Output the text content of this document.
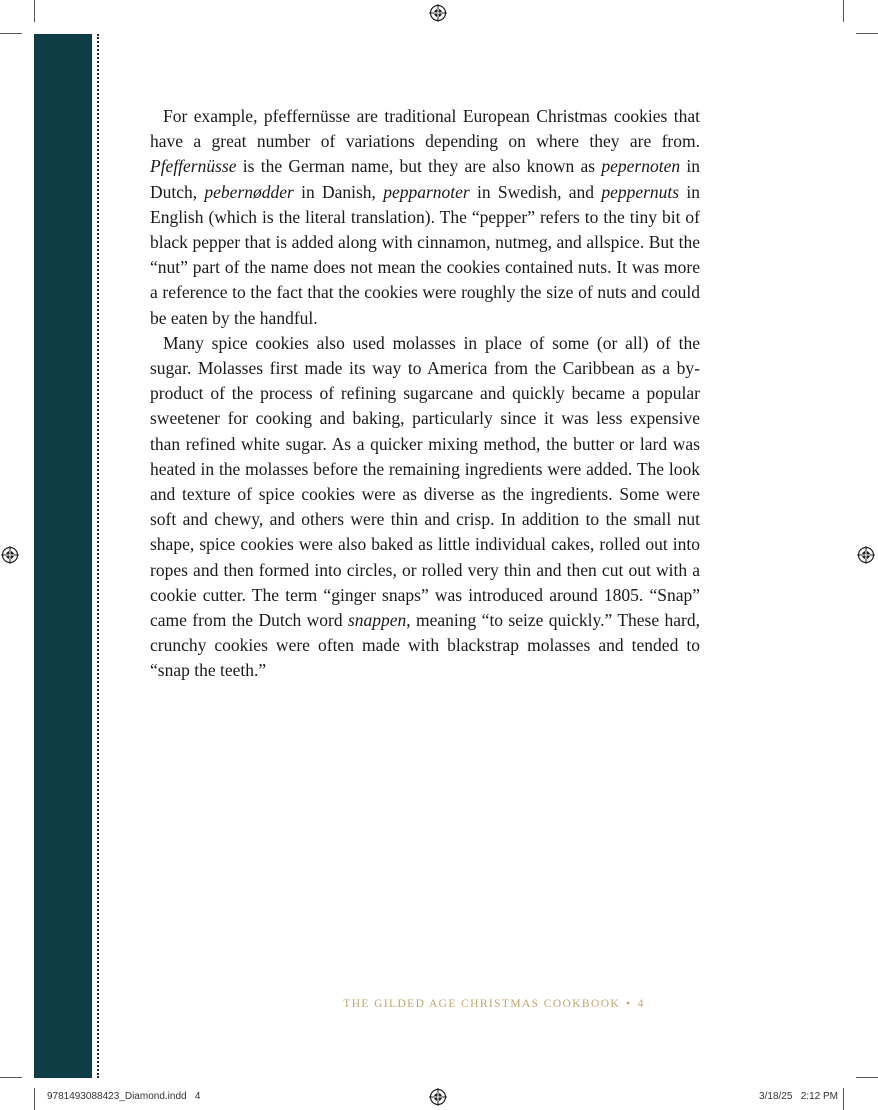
For example, pfeffernüsse are traditional European Christmas cookies that have a great number of variations depending on where they are from. Pfeffernüsse is the German name, but they are also known as pepernoten in Dutch, pebernødder in Danish, pepparnoter in Swedish, and peppernuts in English (which is the literal translation). The “pepper” refers to the tiny bit of black pepper that is added along with cinnamon, nutmeg, and allspice. But the “nut” part of the name does not mean the cookies contained nuts. It was more a reference to the fact that the cookies were roughly the size of nuts and could be eaten by the handful.

Many spice cookies also used molasses in place of some (or all) of the sugar. Molasses first made its way to America from the Caribbean as a by-product of the process of refining sugarcane and quickly became a popular sweetener for cooking and baking, particularly since it was less expensive than refined white sugar. As a quicker mixing method, the butter or lard was heated in the molasses before the remaining ingredients were added. The look and texture of spice cookies were as diverse as the ingredients. Some were soft and chewy, and others were thin and crisp. In addition to the small nut shape, spice cookies were also baked as little individual cakes, rolled out into ropes and then formed into circles, or rolled very thin and then cut out with a cookie cutter. The term “ginger snaps” was introduced around 1805. “Snap” came from the Dutch word snappen, meaning “to seize quickly.” These hard, crunchy cookies were often made with blackstrap molasses and tended to “snap the teeth.”

THE GILDED AGE CHRISTMAS COOKBOOK • 4
9781493088423_Diamond.indd   4	3/18/25   2:12 PM
